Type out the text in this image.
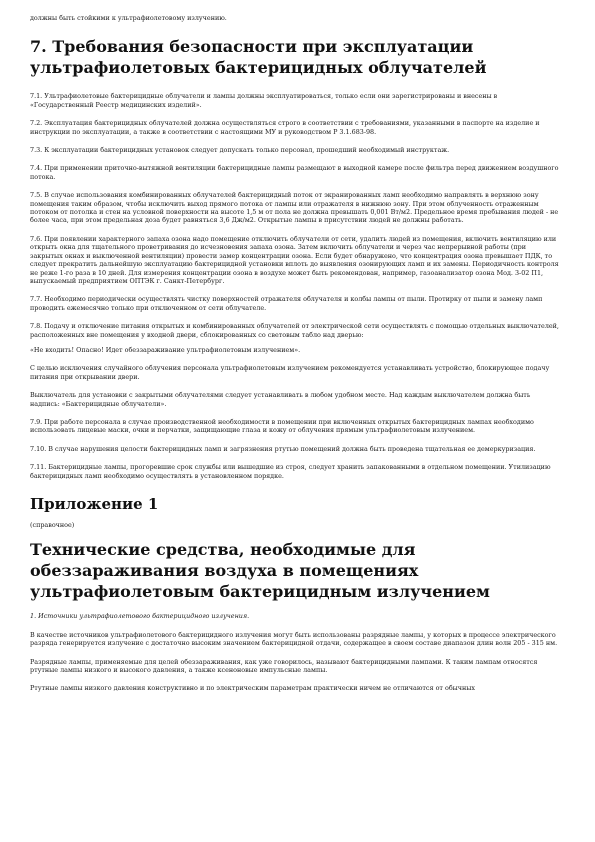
должны быть стойкими к ультрафиолетовому излучению.

7. Требования безопасности при эксплуатации ультрафиолетовых бактерицидных облучателей

7.1. Ультрафиолетовые бактерицидные облучатели и лампы должны эксплуатироваться, только если они зарегистрированы и внесены в «Государственный Реестр медицинских изделий».

7.2. Эксплуатация бактерицидных облучателей должна осуществляться строго в соответствии с требованиями, указанными в паспорте на изделие и инструкции по эксплуатации, а также в соответствии с настоящими МУ и руководством Р 3.1.683-98.

7.3. К эксплуатации бактерицидных установок следует допускать только персонал, прошедший необходимый инструктаж.

7.4. При применении приточно-вытяжной вентиляции бактерицидные лампы размещают в выходной камере после фильтра перед движением воздушного потока.

7.5. В случае использования комбинированных облучателей бактерицидный поток от экранированных ламп необходимо направлять в верхнюю зону помещения таким образом, чтобы исключить выход прямого потока от лампы или отражателя в нижнюю зону. При этом облученность отраженным потоком от потолка и стен на условной поверхности на высоте 1,5 м от пола не должна превышать 0,001 Вт/м2. Предельное время пребывания людей - не более часа, при этом предельная доза будет равняться 3,6 Дж/м2. Открытые лампы в присутствии людей не должны работать.

7.6. При появлении характерного запаха озона надо помещение отключить облучатели от сети, удалить людей из помещения, включить вентиляцию или открыть окна для тщательного проветривания до исчезновения запаха озона. Затем включить облучатели и через час непрерывной работы (при закрытых окнах и выключенной вентиляции) провести замер концентрации озона. Если будет обнаружено, что концентрация озона превышает ПДК, то следует прекратить дальнейшую эксплуатацию бактерицидной установки вплоть до выявления озонирующих ламп и их замены. Периодичность контроля не реже 1-го раза в 10 дней. Для измерения концентрации озона в воздухе может быть рекомендован, например, газоанализатор озона Мод. 3-02 П1, выпускаемый предприятием ОПТЭК г. Санкт-Петербург.

7.7. Необходимо периодически осуществлять чистку поверхностей отражателя облучателя и колбы лампы от пыли. Протирку от пыли и замену ламп проводить ежемесячно только при отключенном от сети облучателе.

7.8. Подачу и отключение питания открытых и комбинированных облучателей от электрической сети осуществлять с помощью отдельных выключателей, расположенных вне помещения у входной двери, сблокированных со световым табло над дверью:

«Не входить! Опасно! Идет обеззараживание ультрафиолетовым излучением».

С целью исключения случайного облучения персонала ультрафиолетовым излучением рекомендуется устанавливать устройство, блокирующее подачу питания при открывании двери.

Выключатель для установки с закрытыми облучателями следует устанавливать в любом удобном месте. Над каждым выключателем должна быть надпись: «Бактерицидные облучатели».

7.9. При работе персонала в случае производственной необходимости в помещении при включенных открытых бактерицидных лампах необходимо использовать лицевые маски, очки и перчатки, защищающие глаза и кожу от облучения прямым ультрафиолетовым излучением.

7.10. В случае нарушения целости бактерицидных ламп и загрязнения ртутью помещений должна быть проведена тщательная ее демеркуризация.

7.11. Бактерицидные лампы, прогоревшие срок службы или вышедшие из строя, следует хранить запакованными в отдельном помещении. Утилизацию бактерицидных ламп необходимо осуществлять в установленном порядке.

Приложение 1

(справочное)

Технические средства, необходимые для обеззараживания воздуха в помещениях ультрафиолетовым бактерицидным излучением

1. Источники ультрафиолетового бактерицидного излучения.

В качестве источников ультрафиолетового бактерицидного излучения могут быть использованы разрядные лампы, у которых в процессе электрического разряда генерируется излучение с достаточно высоким значением бактерицидной отдачи, содержащее в своем составе диапазон длин волн 205 - 315 нм.

Разрядные лампы, применяемые для целей обеззараживания, как уже говорилось, называют бактерицидными лампами. К таким лампам относятся ртутные лампы низкого и высокого давления, а также ксеноновые импульсные лампы.

Ртутные лампы низкого давления конструктивно и по электрическим параметрам практически ничем не отличаются от обычных
